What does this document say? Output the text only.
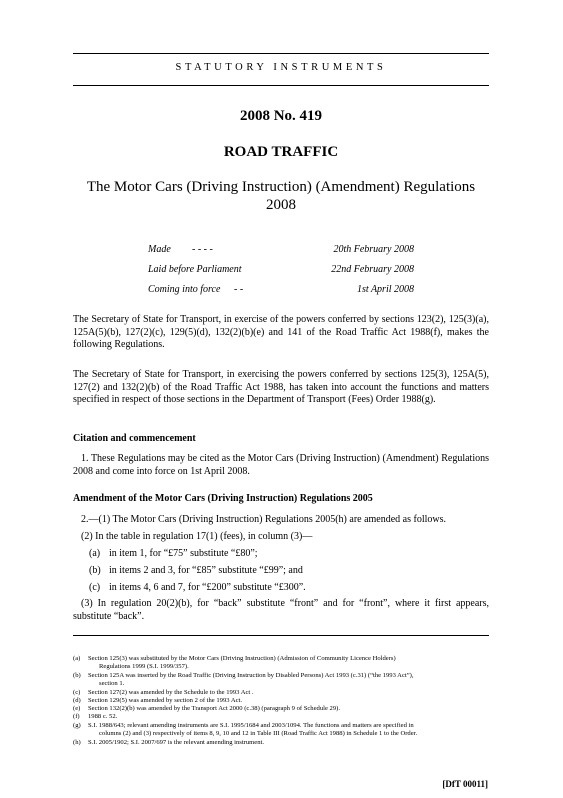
STATUTORY INSTRUMENTS
2008 No. 419
ROAD TRAFFIC
The Motor Cars (Driving Instruction) (Amendment) Regulations 2008
Made - - - -	20th February 2008
Laid before Parliament	22nd February 2008
Coming into force - -	1st April 2008
The Secretary of State for Transport, in exercise of the powers conferred by sections 123(2), 125(3)(a), 125A(5)(b), 127(2)(c), 129(5)(d), 132(2)(b)(e) and 141 of the Road Traffic Act 1988(f), makes the following Regulations.
The Secretary of State for Transport, in exercising the powers conferred by sections 125(3), 125A(5), 127(2) and 132(2)(b) of the Road Traffic Act 1988, has taken into account the functions and matters specified in respect of those sections in the Department of Transport (Fees) Order 1988(g).
Citation and commencement
1. These Regulations may be cited as the Motor Cars (Driving Instruction) (Amendment) Regulations 2008 and come into force on 1st April 2008.
Amendment of the Motor Cars (Driving Instruction) Regulations 2005
2.—(1) The Motor Cars (Driving Instruction) Regulations 2005(h) are amended as follows.
(2) In the table in regulation 17(1) (fees), in column (3)—
(a) in item 1, for “£75” substitute “£80”;
(b) in items 2 and 3, for “£85” substitute “£99”; and
(c) in items 4, 6 and 7, for “£200” substitute “£300”.
(3) In regulation 20(2)(b), for “back” substitute “front” and for “front”, where it first appears, substitute “back”.
(a) Section 125(3) was substituted by the Motor Cars (Driving Instruction) (Admission of Community Licence Holders)
Regulations 1999 (S.I. 1999/357).
(b) Section 125A was inserted by the Road Traffic (Driving Instruction by Disabled Persons) Act 1993 (c.31) (“the 1993 Act”),
section 1.
(c) Section 127(2) was amended by the Schedule to the 1993 Act .
(d) Section 129(5) was amended by section 2 of the 1993 Act.
(e) Section 132(2)(b) was amended by the Transport Act 2000 (c.38) (paragraph 9 of Schedule 29).
(f) 1988 c. 52.
(g) S.I. 1988/643; relevant amending instruments are S.I. 1995/1684 and 2003/1094. The functions and matters are specified in
columns (2) and (3) respectively of items 8, 9, 10 and 12 in Table III (Road Traffic Act 1988) in Schedule 1 to the Order.
(h) S.I. 2005/1902; S.I. 2007/697 is the relevant amending instrument.
[DfT 00011]
